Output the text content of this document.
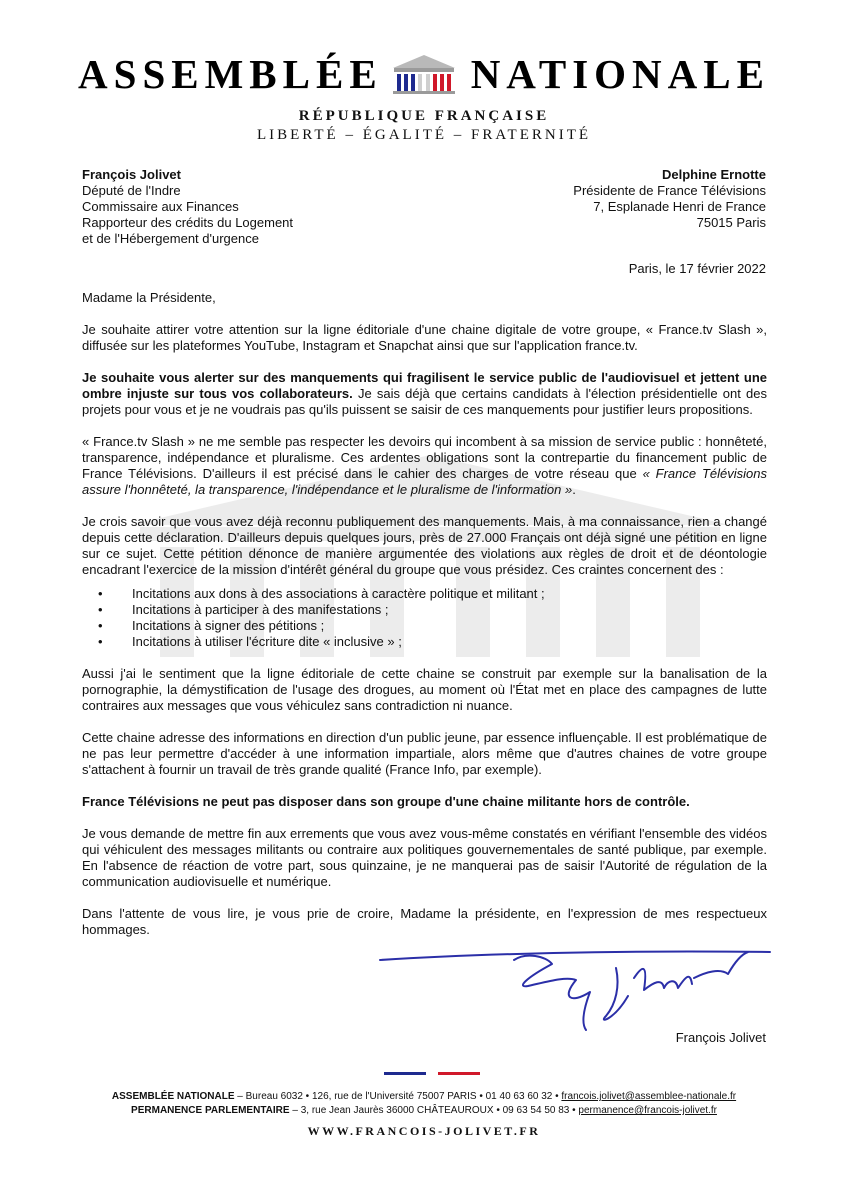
ASSEMBLÉE NATIONALE
RÉPUBLIQUE FRANÇAISE
LIBERTÉ – ÉGALITÉ – FRATERNITÉ
François Jolivet
Député de l'Indre
Commissaire aux Finances
Rapporteur des crédits du Logement
et de l'Hébergement d'urgence
Delphine Ernotte
Présidente de France Télévisions
7, Esplanade Henri de France
75015 Paris
Paris, le 17 février 2022

Madame la Présidente,

Je souhaite attirer votre attention sur la ligne éditoriale d'une chaine digitale de votre groupe, « France.tv Slash », diffusée sur les plateformes YouTube, Instagram et Snapchat ainsi que sur l'application france.tv.

Je souhaite vous alerter sur des manquements qui fragilisent le service public de l'audiovisuel et jettent une ombre injuste sur tous vos collaborateurs. Je sais déjà que certains candidats à l'élection présidentielle ont des projets pour vous et je ne voudrais pas qu'ils puissent se saisir de ces manquements pour justifier leurs propositions.

« France.tv Slash » ne me semble pas respecter les devoirs qui incombent à sa mission de service public : honnêteté, transparence, indépendance et pluralisme. Ces ardentes obligations sont la contrepartie du financement public de France Télévisions. D'ailleurs il est précisé dans le cahier des charges de votre réseau que « France Télévisions assure l'honnêteté, la transparence, l'indépendance et le pluralisme de l'information ».

Je crois savoir que vous avez déjà reconnu publiquement des manquements. Mais, à ma connaissance, rien a changé depuis cette déclaration. D'ailleurs depuis quelques jours, près de 27.000 Français ont déjà signé une pétition en ligne sur ce sujet. Cette pétition dénonce de manière argumentée des violations aux règles de droit et de déontologie encadrant l'exercice de la mission d'intérêt général du groupe que vous présidez. Ces craintes concernent des :

• Incitations aux dons à des associations à caractère politique et militant ;
• Incitations à participer à des manifestations ;
• Incitations à signer des pétitions ;
• Incitations à utiliser l'écriture dite « inclusive » ;

Aussi j'ai le sentiment que la ligne éditoriale de cette chaine se construit par exemple sur la banalisation de la pornographie, la démystification de l'usage des drogues, au moment où l'État met en place des campagnes de lutte contraires aux messages que vous véhiculez sans contradiction ni nuance.

Cette chaine adresse des informations en direction d'un public jeune, par essence influençable. Il est problématique de ne pas leur permettre d'accéder à une information impartiale, alors même que d'autres chaines de votre groupe s'attachent à fournir un travail de très grande qualité (France Info, par exemple).

France Télévisions ne peut pas disposer dans son groupe d'une chaine militante hors de contrôle.

Je vous demande de mettre fin aux errements que vous avez vous-même constatés en vérifiant l'ensemble des vidéos qui véhiculent des messages militants ou contraire aux politiques gouvernementales de santé publique, par exemple. En l'absence de réaction de votre part, sous quinzaine, je ne manquerai pas de saisir l'Autorité de régulation de la communication audiovisuelle et numérique.

Dans l'attente de vous lire, je vous prie de croire, Madame la présidente, en l'expression de mes respectueux hommages.

François Jolivet
ASSEMBLÉE NATIONALE – Bureau 6032 • 126, rue de l'Université 75007 PARIS • 01 40 63 60 32 • francois.jolivet@assemblee-nationale.fr
PERMANENCE PARLEMENTAIRE – 3, rue Jean Jaurès 36000 CHÂTEAUROUX • 09 63 54 50 83 • permanence@francois-jolivet.fr
WWW.FRANCOIS-JOLIVET.FR
